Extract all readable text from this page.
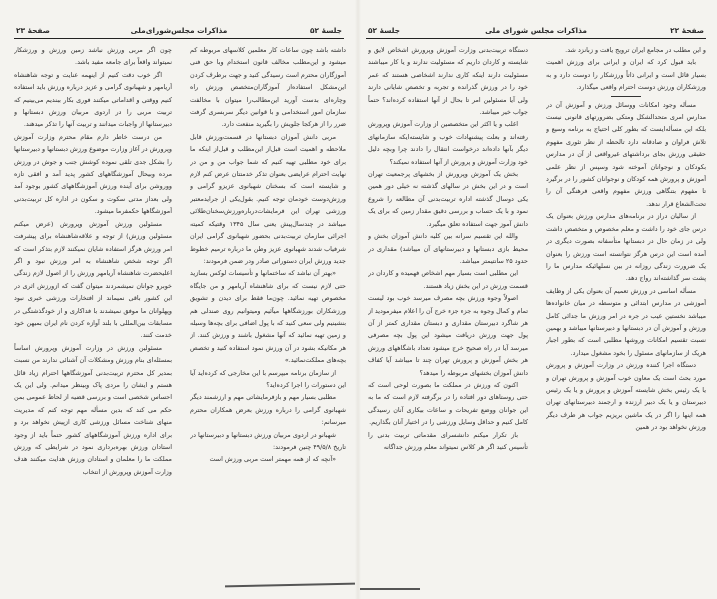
جلسهٔ ۵۲
مذاکرات مجلس‌شورای‌ملی
صفحهٔ ۲۳

داشته باشد چون ساعات کار معلمین کلاسهای مربوطه کم میشود و این‌مطلب مخالف قانون استخدام وبا حق فنی آموزگاران محترم است رسیدگی کنید و جهت برطرف کردن این‌مشکل استفاده‌از آموزگاران‌متخصص ورزش راه وچاره‌ای بدست آورید این‌مطالب‌را میتوان با مخالفت سازمان امور استخدامی و با قوانین دیگر سربسری گرفت ضرر را از هرکجا جلویش را بگیرید منفعت دارد.

مربی دانش آموزان دبستانها در قسمت‌ورزش قابل ملاحظه و اهمیت است قبل‌از این‌مطلب و قبل‌از اینکه ما برای خود مطلبی تهیه کنیم که شما جواب من و من در نهایت احترام عرایضی بعنوان تذکر خدمتتان عرض کنم لازم و شایسته است که بسخنان شهبانوی عزیزو گرامی و ورزش‌دوست خودمان توجه کنیم. بقول‌یکی از جرایدمعتبر ورزشی تهران این فرمایشات‌درباره‌ورزش‌سخنان‌طلائی میباشد در چندسال‌پیش یعنی سال ۱۳۴۵ وقتیکه کمیته اجرائی سازمان تربیت‌بدنی بحضور شهبانوی گرامی ایران شرفیاب شدند شهبانوی عزیز وطن ما درباره ترمیم خطوط جدید ورزش ایران دستوراتی صادر ودر ضمن فرمودند:

«بهتر آن نباشد که ساختمانها و تأسیسات لوکس بسازید حتی لازم نیست که برای شاهنشاه آریامهر و من جایگاه مخصوص تهیه نمائید. چون‌ما فقط برای دیدن و تشویق ورزشکاران بورزشگاهها میآئیم ومیتوانیم روی صندلی هم بنشینیم ولی سعی کنید که با پول اضافی برای بچه‌ها وسیله و زمین تهیه نمائید که آنها مشغول باشند و ورزش کنند. از هر مکانیکه بشود در آن ورزش نمود استفاده کنید و تخصص بچه‌های مملکت‌نمائید.»

از سازمان برنامه میپرسم با این مخارجی که کرده‌اید آیا این دستورات را اجرا کرده‌اید؟

مطلبی بسیار مهم و بازفرمایشاتی مهم و ارزشمند دیگر شهبانوی گرامی را درباره ورزش بعرض همکاران محترم میرسانم:

شهبانو در اردوی مربیان ورزش دبستانها و دبیرستانها در تاریخ ۴۹/۵/۸ چنین فرمودند:

«آنچه که از همه مهمتر است مربی ورزش است

چون اگر مربی ورزش نباشد زمین ورزش و ورزشکار نمیتواند واقعاً برای جامعه مفید باشد.

اگر خوب دقت کنیم از اینهمه عنایت و توجه شاهنشاه آریامهر و شهبانوی گرامی و عزیز درباره ورزش باید استفاده کنیم ووقتی و اقداماتی میکنند فوری بکار ببندیم می‌بینیم که تربیت مربی را در اردوی مربیان ورزش دبستانها و دبیرستانها از واجبات میدانند و تربیت آنها را تذکر میدهند.

من درست خاطر دارم مقام محترم وزارت آموزش وپرورش در آغاز وزارت موضوع ورزش دبستانها و دبیرستانها را بشکل جدی تلقی نموده کوشش جنب و جوش در ورزش مرده وبیحال آموزشگاههای کشور پدید آمد و افقی تازه ووروشن برای آینده ورزش آموزشگاههای کشور بوجود آمد ولی بعداز مدتی سکوت و سکون در اداره کل تربیت‌بدنی آموزشگاهها حکمفرما میشود.

مسئولین ورزش آموزش وپرورش (عرض میکنم مسئولین ورزش) از توجه و علاقه‌شاهنشاه برای پیشرفت امر ورزش هرگز استفاده شایان نمیکنند لازم بتذکر است که اگر توجه شخص شاهنشاه به امر ورزش نبود و اگر اعلیحضرت شاهنشاه آریامهر ورزش را از اصول لازم زندگی خوبرو جوانان نمیشمردند میتوان گفت که ازورزش اثری در این کشور باقی نمیماند از افتخارات ورزشی خبری نبود وپهلوانان ما موفق نمیشدند با فداکاری و از خودگذشتگی در مسابقات بین‌المللی با بلند آوازه کردن نام ایران بمیهن خود خدمت کنند.

مسئولین ورزش در وزارت آموزش وپرورش اساساً بمسئله‌ای بنام ورزش ومشکلات آن آشنائی ندارند من نسبت بمدیر کل محترم تربیت‌بدنی آموزشگاهها احترام زیاد قائل هستم و ایشان را مردی پاک وبینظر میدانم. ولی این یک احساس شخصی است و بررسی قضیه از لحاظ عمومی بمن حکم می کند که بدین مسأله مهم توجه کنم که مدیریت منهای شناخت مسائل ورزشی کاری ازپیش نخواهد برد و برای اداره ورزش آموزشگاههای کشور حتماً باید از وجود استادان ورزش بهره‌برداری نمود در شرایطی که ورزش مملکت ما را معلمان و استادان ورزش هدایت میکنند هدف وزارت آموزش وپرورش از انتخاب

صفحهٔ ۲۲
مذاکرات مجلس شورای ملی
جلسهٔ ۵۲

و این مطلب در مجامع ایران ترویج یافت و زبانزد شد.

باید قبول کرد که ایران و ایرانی برای ورزش اهمیت بسیار قائل است و ایرانی ذاتاً ورزشکار را دوست دارد و به ورزشکاران ورزش دوست احترام واقعی میگذارد.

مسأله وجود امکانات ووسائل ورزش و آموزش آن در مدارس امری متحدالشکل ومتکی بضرورتهای قانونی نیست بلکه این مسأله‌ایست که بطور کلی احتیاج به برنامه وسیع و تلاش فراوان و صادقانه دارد تالحظه از نظر تئوری مفهوم حقیقی ورزش بجای برداشتهای غیرواقعی از آن در مدارس بکودکان و نوجوانان آموخته شود وسپس از نظر علمی آموزش و پرورش همه کودکان و نوجوانان کشور را در برگیرد تا مفهوم بتنگاهی ورزش مفهوم واقعی فرهنگی آن را تحت‌الشعاع قرار ندهد.

از سالیان دراز در برنامه‌های مدارس ورزش بعنوان یک درس جای خود را داشت و معلم مخصوص و متخصص داشت ولی در زمان حال در دبستانها متأسفانه بصورت دیگری در آمده است این درس هرگز نتوانسته است ورزش را بعنوان یک ضرورت زندگی روزانه در بین نسلهائیکه مدارس ما را پشت سر گذاشته‌اند رواج دهد.

مسأله اساسی در ورزش تعمیم آن بعنوان یکی از وظایف آموزشی در مدارس ابتدائی و متوسطه در میان خانواده‌ها میباشد نخستین عیب در جره در امر ورزش ما جدائی کامل ورزش و آموزش آن در دبستانها و دبیرستانها میباشد و بهمین نسبت تقسیم امکانات وروشها مطلبی است که بطور اجبار هریک از سازمانهای مسئول را بخود مشغول میدارد.

دستگاه اجرا کننده ورزش در وزارت آموزش و پرورش مورد بحث است یک معاون خوب آموزش و پرورش تهران و یا یک رئیس بخش شایسته آموزش و پرورش و یا یک رئیس دبیرستان و یا یک دبیر ارزنده و ارجمند دبیرستانهای تهران همه اینها را اگر در یک ماشین بریزیم جواب هر طرف دیگر ورزش نخواهد بود در همین

دستگاه تربیت‌بدنی وزارت آموزش وپرورش اشخاص لایق و شایسته و کاردان داریم که مسئولیت ندارند و یا کار میباشند مسئولیت دارند اینکه کاری ندارند اشخاصی هستند که عمر خود را در ورزش گذرانده و تجربه و تخصص شایانی دارند ولی آیا مسئولین امر تا بحال از آنها استفاده کرده‌اند؟ حتماً جواب خیر میباشد.

اغلب و یا اکثر این متخصصین از وزارت آموزش وپرورش رفته‌اند و بعلت پیشنهادات خوب و شایسته‌ایکه سازمانهای دیگر بآنها داده‌اند درخواست انتقال را دادند چرا وبچه دلیل خود وزارت آموزش و پرورش از آنها استفاده نمیکند؟

بخش یک آموزش وپرورش از بخشهای پرجمعیت تهران است و در این بخش در سالهای گذشته نه خیلی دور همین یکی دوسال گذشته اداره تربیت‌بدنی آن مطالعه را شروع نمود و با یک حساب و بررسی دقیق مقدار زمین که برای یک دانش آموز جهت استفاده تعلق میگیرد.

والله این تقسیم سرانه بین کلیه دانش آموزان بخش و محیط بازی دبستانها و دبیرستانهای آن میباشد) مقداری در حدود ۲۵ سانتیمتر میباشد.

این مطلبی است بسیار مهم اشخاص فهمیده و کاردان در قسمت ورزش در این بخش زیاد هستند.

اصولاً وجوه ورزش بچه مصرف میرسد خوب بود لیست تمام و کمال وجوه به جزء جزء خرج آن را اعلام میفرمودید از هر شاگرد دبیرستان مقداری و دبستان مقداری کمتر از آن پول جهت ورزش دریافت میشود این پول بچه مصرفی میرسد آیا در راه صحیح خرج میشود تعداد باشگاههای ورزش هر بخش آموزش و پرورش تهران چند تا میباشد آیا کفاف دانش آموزان بخشهای مربوطه را میدهد؟

اکنون که ورزش در مملکت ما بصورت لوحی است که حتی روستاهای دور افتاده را در برگرفته لازم است که ما به این جوانان ووضع تفریحات و ساعات بیکاری آنان رسیدگی کامل کنیم و حداقل وسایل ورزشی را در اختیار آنان بگذاریم.

باز تکرار میکنم دانشسرای مقدماتی تربیت بدنی را تأسیس کنید اگر هر کلاس نمیتواند معلم ورزش جداگانه
